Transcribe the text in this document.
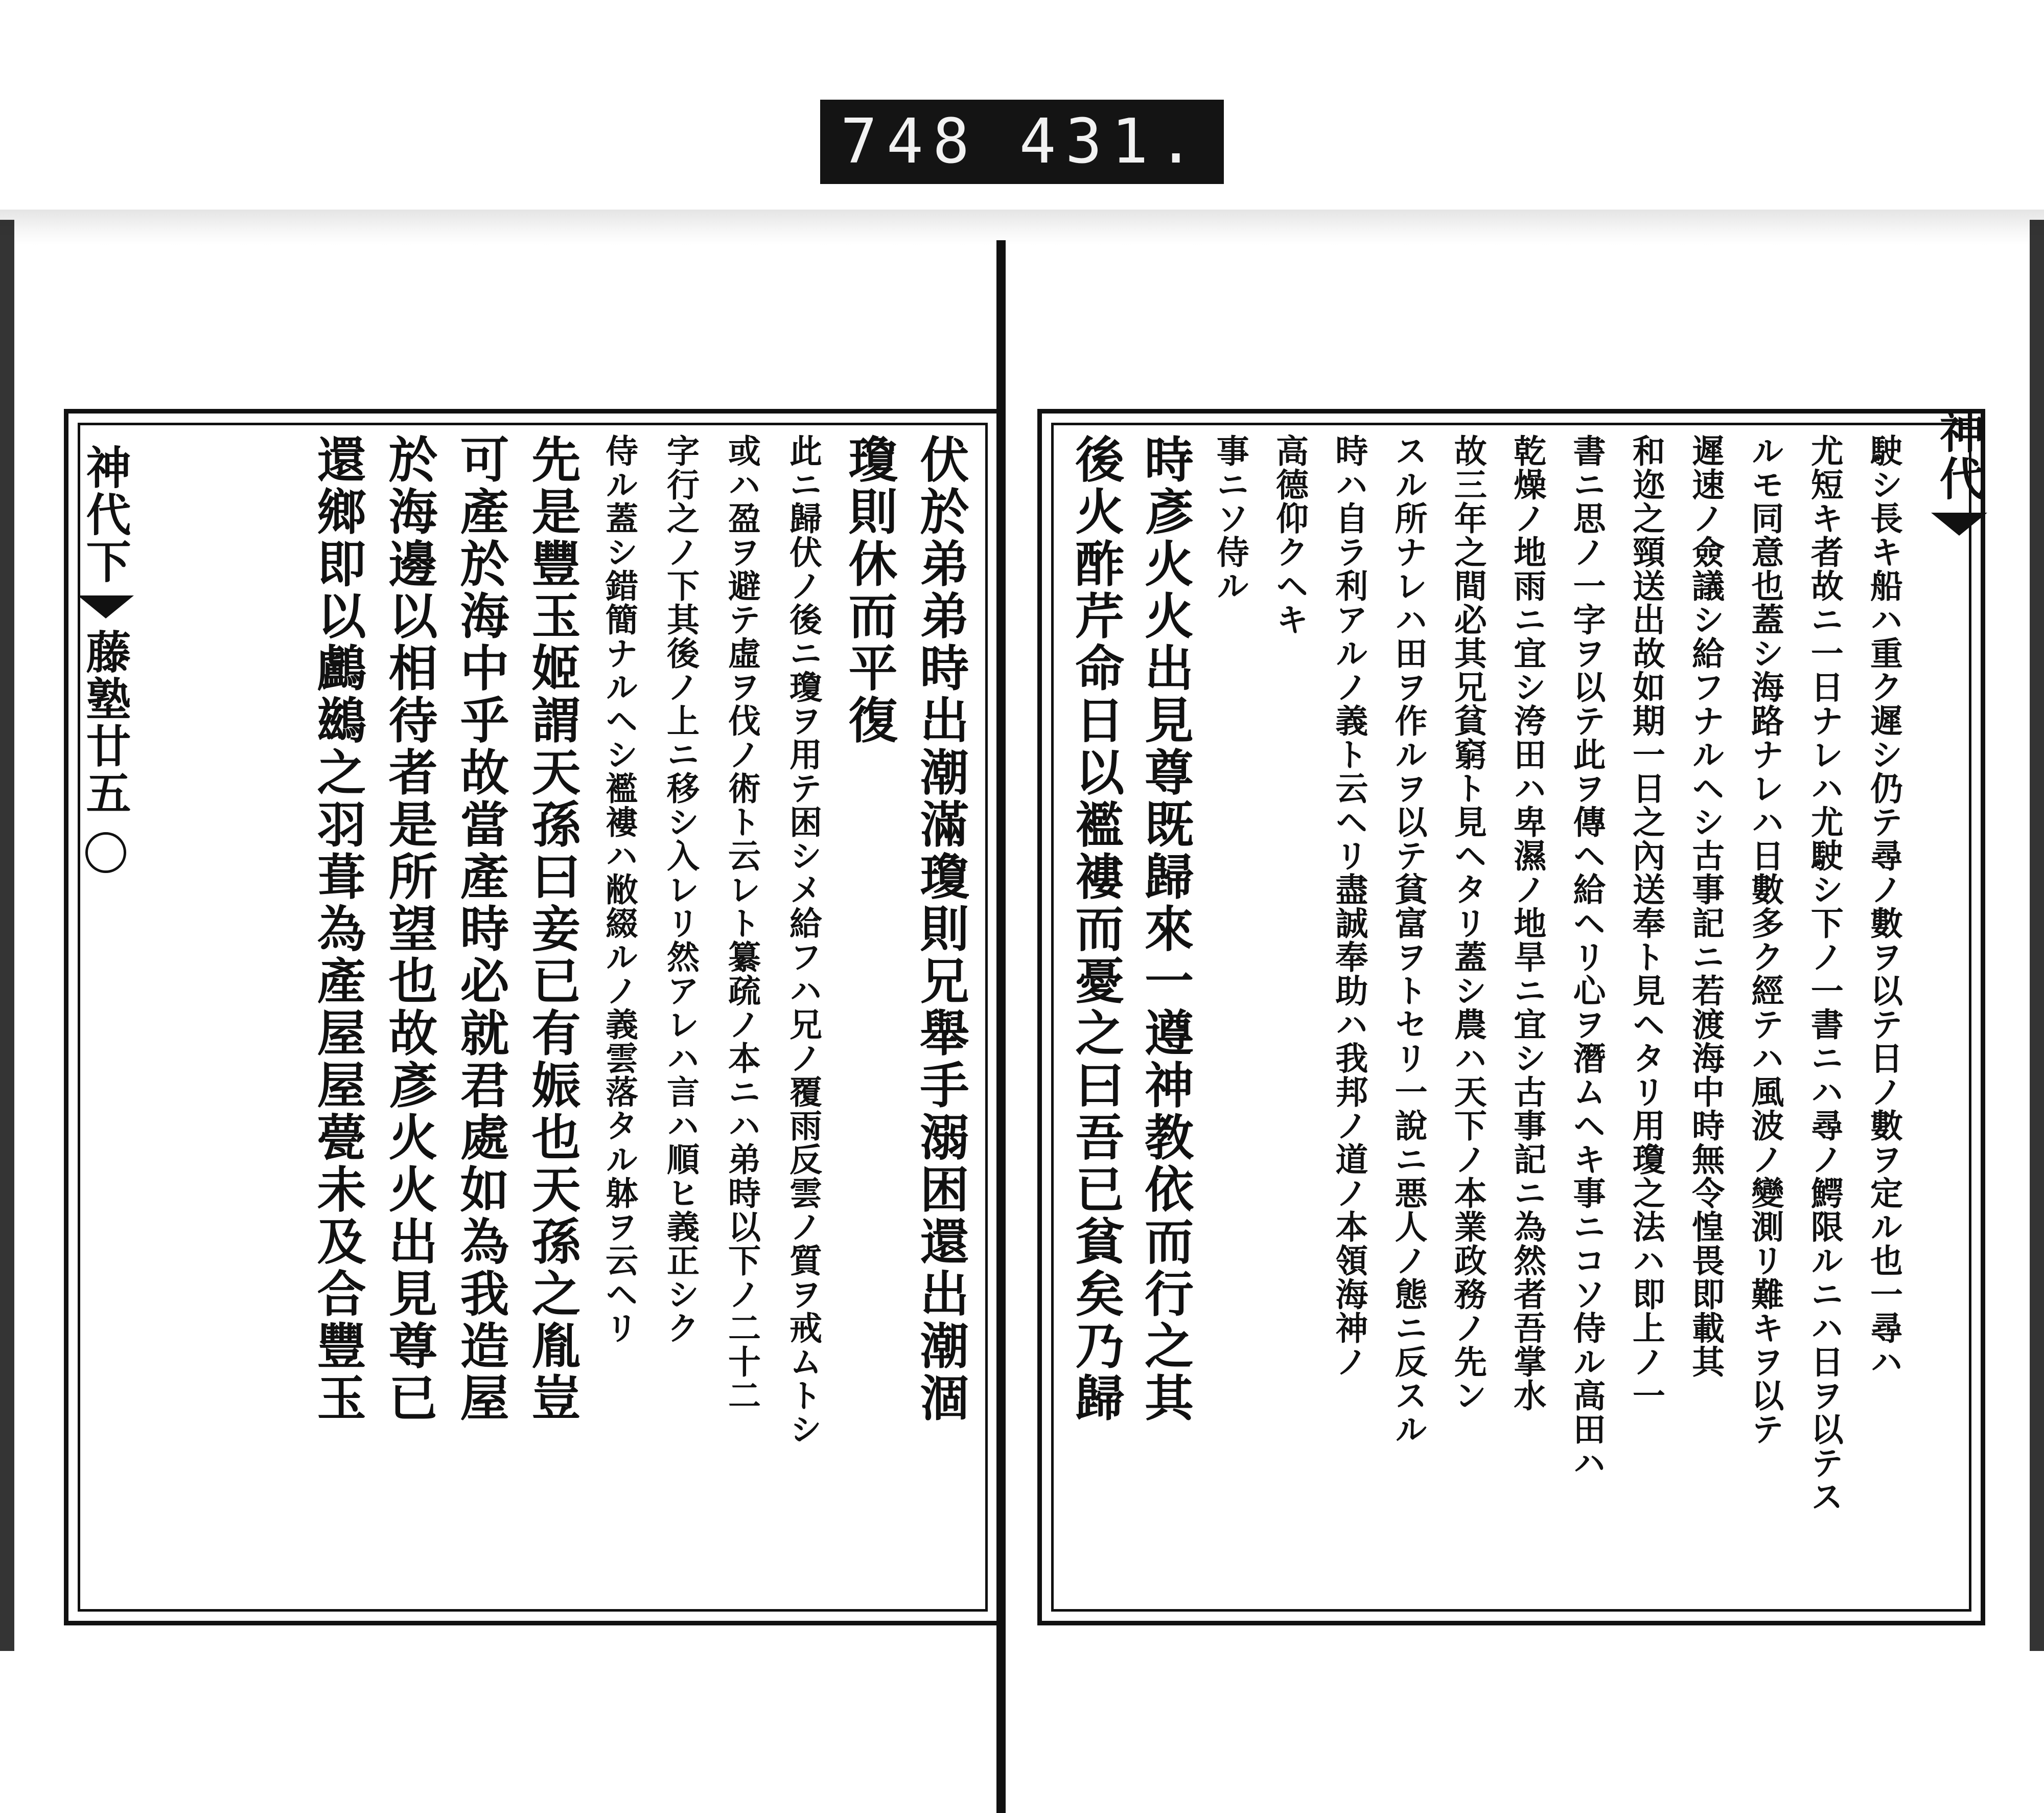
748 431.
神代下
藤塾廿五	伏於弟弟時出潮滿瓊則兄舉手溺困還出潮涸
瓊則休而平復
此ニ歸伏ノ後ニ瓊ヲ用テ困シメ給フハ兄ノ覆雨反雲ノ質ヲ戒ムトシ
或ハ盈ヲ避テ虛ヲ伐ノ術ト云レト纂疏ノ本ニハ弟時以下ノ二十二
字行之ノ下其後ノ上ニ移シ入レリ然アレハ言ハ順ヒ義正シク
侍ル蓋シ錯簡ナルヘシ襤褸ハ敝綴ルノ義雲落タル躰ヲ云ヘリ
先是豐玉姬謂天孫曰妾已有娠也天孫之胤豈
可產於海中乎故當產時必就君處如為我造屋
於海邊以相待者是所望也故彥火火出見尊已
還鄉即以鸕鷀之羽葺為產屋屋甍未及合豐玉	神代
駛シ長キ船ハ重ク遲シ仍テ尋ノ數ヲ以テ日ノ數ヲ定ル也一尋ハ
尤短キ者故ニ一日ナレハ尤駛シ下ノ一書ニハ尋ノ鰐限ルニハ日ヲ以テス
ルモ同意也蓋シ海路ナレハ日數多ク經テハ風波ノ變測リ難キヲ以テ
遲速ノ僉議シ給フナルヘシ古事記ニ若渡海中時無令惶畏即載其
和迩之頸送出故如期一日之內送奉ト見ヘタリ用瓊之法ハ即上ノ一
書ニ思ノ一字ヲ以テ此ヲ傳ヘ給ヘリ心ヲ潛ムヘキ事ニコソ侍ル高田ハ
乾燥ノ地雨ニ宜シ洿田ハ卑濕ノ地旱ニ宜シ古事記ニ為然者吾掌水
故三年之間必其兄貧窮ト見ヘタリ蓋シ農ハ天下ノ本業政務ノ先ン
スル所ナレハ田ヲ作ルヲ以テ貧富ヲトセリ一說ニ悪人ノ態ニ反スル
時ハ自ラ利アルノ義ト云ヘリ盡誠奉助ハ我邦ノ道ノ本領海神ノ
高德仰クヘキ
事ニソ侍ル
時彥火火出見尊既歸來一遵神教依而行之其
後火酢芹命日以襤褸而憂之曰吾已貧矣乃歸
